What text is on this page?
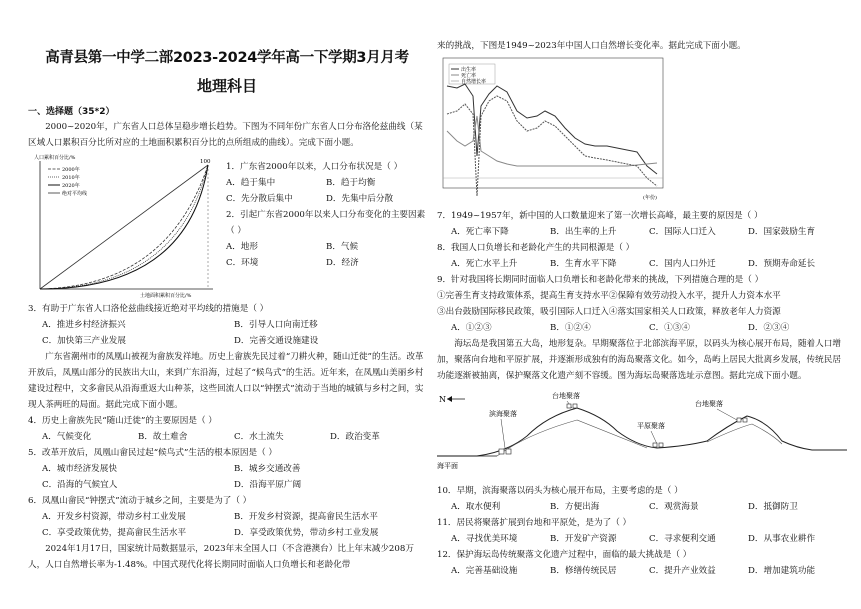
高青县第一中学二部2023-2024学年高一下学期3月月考
地理科目
一、选择题（35*2）

2000~2020年，广东省人口总体呈稳步增长趋势。下图为不同年份广东省人口分布洛伦兹曲线（某区域人口累积百分比所对应的土地面积累积百分比的点所组成的曲线）。完成下面小题。

人口累积百分比/%
100
2000年
2010年
2020年
绝对平均线
土地面积累积百分比/%
1．广东省2000年以来，人口分布状况是（ ）
A．趋于集中	B．趋于均衡
C．先分散后集中	D．先集中后分散
2．引起广东省2000年以来人口分布变化的主要因素（ ）
A．地形	B．气候
C．环境	D．经济
3．有助于广东省人口洛伦兹曲线接近绝对平均线的措施是（ ）
A．推进乡村经济振兴	B．引导人口向南迁移
C．加快第三产业发展	D．完善交通设施建设

广东省潮州市的凤凰山被视为畲族发祥地。历史上畲族先民过着“刀耕火种，随山迁徙”的生活。改革开放后，凤凰山部分的民族出大山，来到广东沿海，过起了“候鸟式”的生活。近年来，在凤凰山美丽乡村建设过程中，文多畲民从沿海重返大山种茶，这些回流人口以“钟摆式”流动于当地的城镇与乡村之间，实现人茶两旺的局面。据此完成下面小题。

4．历史上畲族先民“随山迁徙”的主要原因是（ ）
A．气候变化	B．故土难舍	C．水土流失	D．政治变革
5．改革开放后，凤凰山畲民过起“候鸟式”生活的根本原因是（ ）
A．城市经济发展快	B．城乡交通改善
C．沿海的气候宜人	D．沿海平原广阔
6．凤凰山畲民“钟摆式”流动于城乡之间，主要是为了（ ）
A．开发乡村资源，带动乡村工业发展	B．开发乡村资源，提高畲民生活水平
C．享受政策优势，提高畲民生活水平	D．享受政策优势，带动乡村工业发展

2024年1月17日，国家统计局数据显示，2023年末全国人口（不含港澳台）比上年末减少208万人，人口自然增长率为-1.48%。中国式现代化将长期同时面临人口负增长和老龄化带

来的挑战，下图是1949~2023年中国人口自然增长变化率。据此完成下面小题。
出生率
死亡率
自然增长率
(年份)
7．1949~1957年，新中国的人口数量迎来了第一次增长高峰，最主要的原因是（ ）
A．死亡率下降	B．出生率的上升	C．国际人口迁入	D．国家鼓励生育
8．我国人口负增长和老龄化产生的共同根源是（ ）
A．死亡水平上升	B．生育水平下降	C．国内人口外迁	D．预期寿命延长
9．针对我国将长期同时面临人口负增长和老龄化带来的挑战，下列措施合理的是（ ）
①完善生育支持政策体系，提高生育支持水平②保障有效劳动投入水平，提升人力资本水平
③出台鼓励国际移民政策，吸引国际人口迁入④落实国家相关人口政策，释放老年人力资源
A．①②③	B．①②④	C．①③④	D．②③④

海坛岛是我国第五大岛，地形复杂。早期聚落位于北部滨海平原，以码头为核心展开布局，随着人口增加，聚落向台地和平原扩展，并逐渐形成独有的海岛聚落文化。如今，岛屿上居民大批离乡发展，传统民居功能逐渐被抽离，保护聚落文化遗产刻不容缓。图为海坛岛聚落选址示意图。据此完成下面小题。

N
海平面
滨海聚落
台地聚落
平原聚落
台地聚落
10．早期，滨海聚落以码头为核心展开布局，主要考虑的是（ ）
A．取水便利	B．方便出海	C．观赏海景	D．抵御防卫
11．居民将聚落扩展到台地和平原处，是为了（ ）
A．寻找优美环境	B．开发矿产资源	C．寻求便利交通	D．从事农业耕作
12．保护海坛岛传统聚落文化遗产过程中，面临的最大挑战是（ ）
A．完善基础设施	B．修缮传统民居	C．提升产业效益	D．增加建筑功能
